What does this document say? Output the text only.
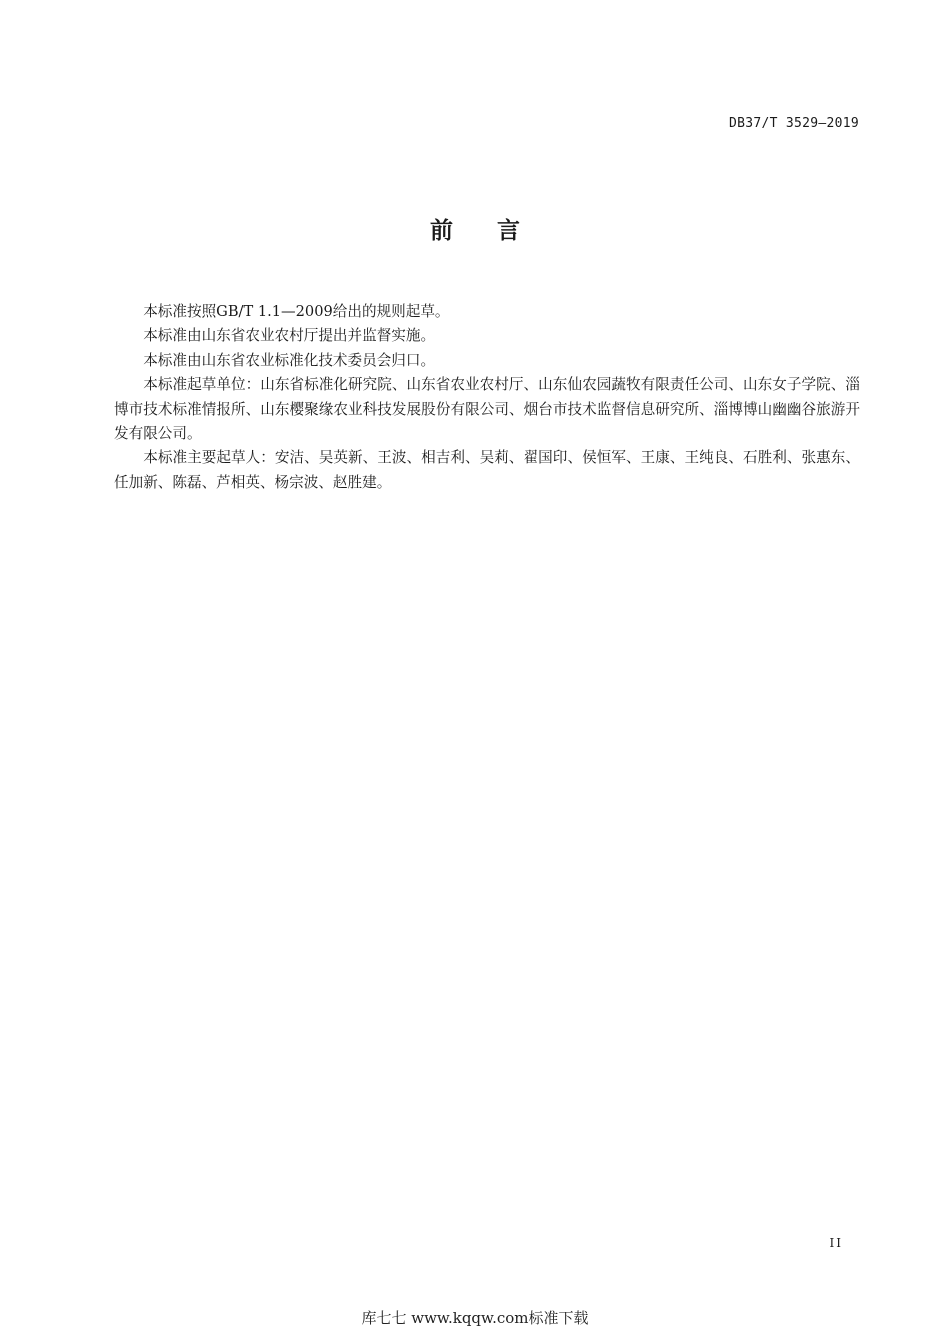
DB37/T 3529—2019
前言

本标准按照GB/T 1.1—2009给出的规则起草。

本标准由山东省农业农村厅提出并监督实施。

本标准由山东省农业标准化技术委员会归口。

本标准起草单位：山东省标准化研究院、山东省农业农村厅、山东仙农园蔬牧有限责任公司、山东女子学院、淄博市技术标准情报所、山东樱聚缘农业科技发展股份有限公司、烟台市技术监督信息研究所、淄博博山幽幽谷旅游开发有限公司。

本标准主要起草人：安洁、吴英新、王波、相吉利、吴莉、翟国印、侯恒军、王康、王纯良、石胜利、张惠东、任加新、陈磊、芦相英、杨宗波、赵胜建。

II
库七七 www.kqqw.com标准下载
